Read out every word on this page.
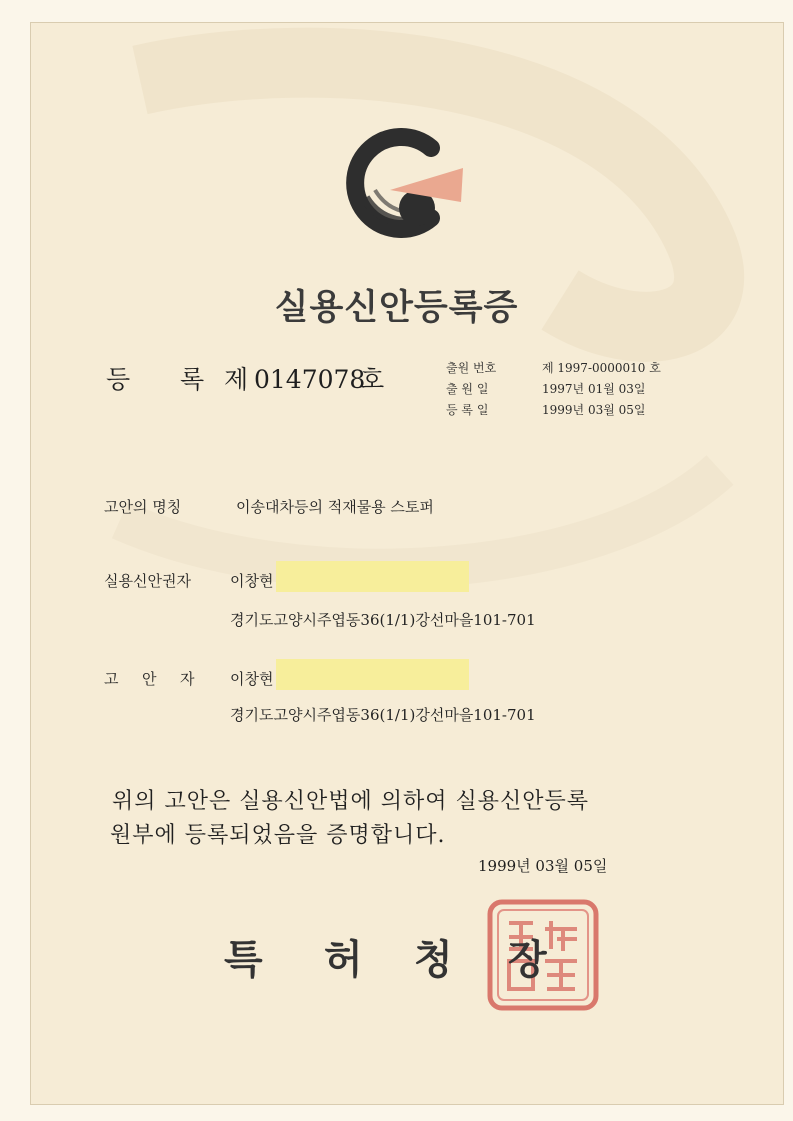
실용신안등록증
등 록 제 0147078호	출원 번호	제 1997-0000010 호
출 원 일	1997년 01월 03일
등 록 일	1999년 03월 05일
고안의 명칭	이송대차등의 적재물용 스토퍼
실용신안권자	이창현
경기도고양시주엽동36(1/1)강선마을101-701
고 안 자 이창현
경기도고양시주엽동36(1/1)강선마을101-701
위의 고안은 실용신안법에 의하여 실용신안등록
원부에 등록되었음을 증명합니다.
1999년 03월 05일
특 허 청 장
